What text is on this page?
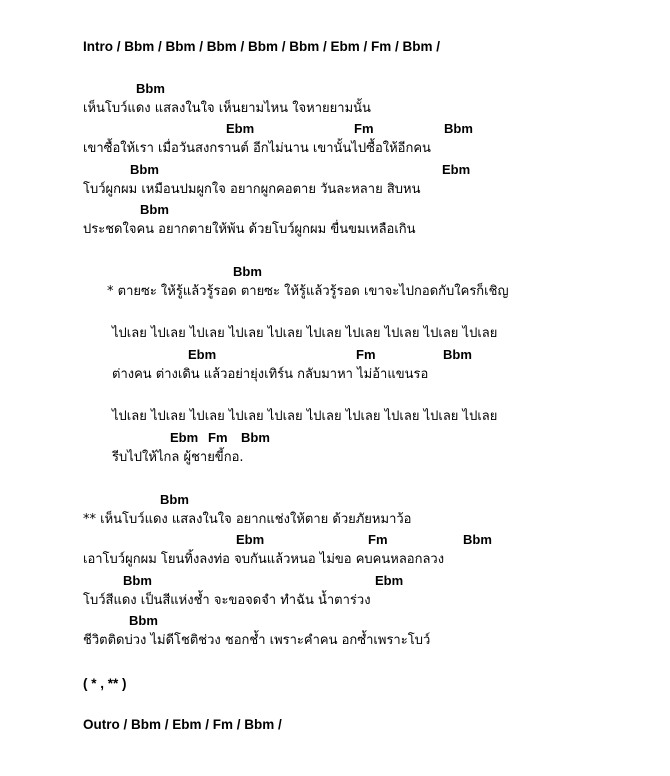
Intro / Bbm / Bbm / Bbm / Bbm / Bbm / Ebm / Fm / Bbm /
Bbm
เห็นโบว์แดง แสลงในใจ เห็นยามไหน ใจหายยามนั้น
Ebm	Fm	Bbm
เขาซื้อให้เรา เมื่อวันสงกรานต์ อีกไม่นาน เขานั้นไปซื้อให้อีกคน
Bbm	Ebm
โบว์ผูกผม เหมือนปมผูกใจ อยากผูกคอตาย วันละหลาย สิบหน
Bbm
ประชดใจคน อยากตายให้พ้น ด้วยโบว์ผูกผม ขื่นขมเหลือเกิน
Bbm
* ตายซะ ให้รู้แล้วรู้รอด ตายซะ ให้รู้แล้วรู้รอด เขาจะไปกอดกับใครก็เชิญ
ไปเลย ไปเลย ไปเลย ไปเลย ไปเลย ไปเลย ไปเลย ไปเลย ไปเลย ไปเลย
Ebm	Fm	Bbm
ต่างคน ต่างเดิน แล้วอย่ายุ่งเทิร์น กลับมาหา ไม่อ้าแขนรอ
ไปเลย ไปเลย ไปเลย ไปเลย ไปเลย ไปเลย ไปเลย ไปเลย ไปเลย ไปเลย
Ebm Fm Bbm
รีบไปให้ไกล ผู้ชายขี้กอ.
Bbm
** เห็นโบว์แดง แสลงในใจ อยากแช่งให้ตาย ด้วยภัยหมาว้อ
Ebm	Fm	Bbm
เอาโบว์ผูกผม โยนทิ้งลงท่อ จบกันแล้วหนอ ไม่ขอ คบคนหลอกลวง
Bbm	Ebm
โบว์สีแดง เป็นสีแห่งช้ำ จะขอจดจำ ทำฉัน น้ำตาร่วง
Bbm
ชีวิตติดบ่วง ไม่ดีโชติช่วง ชอกช้ำ เพราะคำคน อกซ้ำเพราะโบว์
( * , ** )
Outro / Bbm / Ebm / Fm / Bbm /
